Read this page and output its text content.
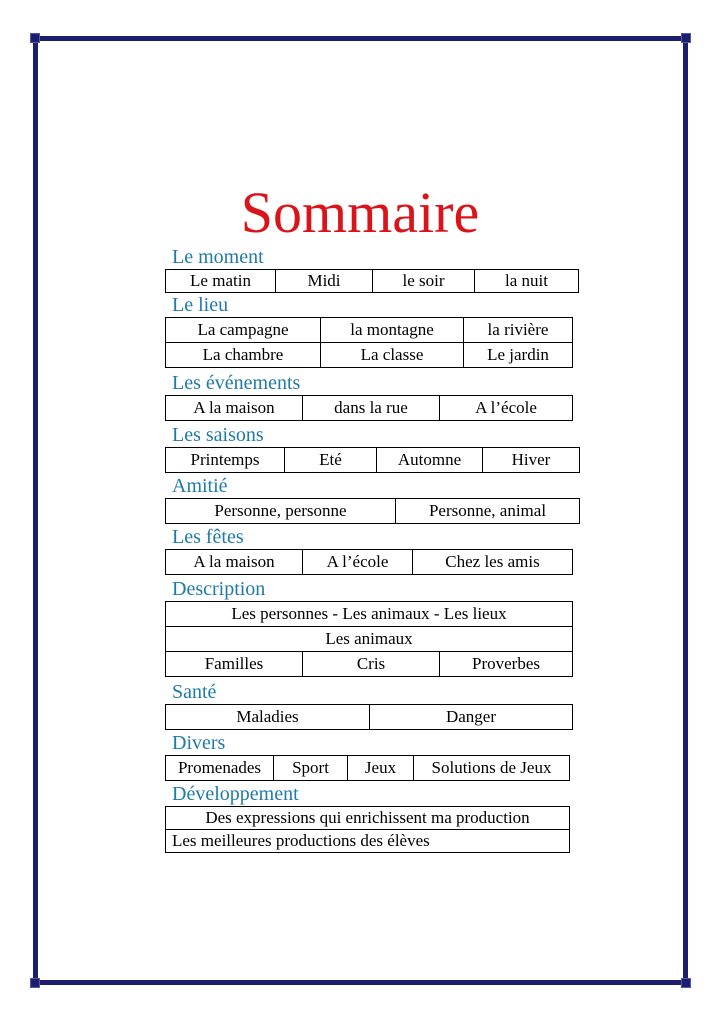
Sommaire
Le moment
Le matin	Midi	le soir	la nuit
Le lieu
La campagne	la montagne	la rivière
La chambre	La classe	Le jardin
Les événements
A la maison	dans la rue	A l’école
Les saisons
Printemps	Eté	Automne	Hiver
Amitié
Personne, personne	Personne, animal
Les fêtes
A la maison	A l’école	Chez les amis
Description
Les personnes - Les animaux - Les lieux
Les animaux
Familles	Cris	Proverbes
Santé
Maladies	Danger
Divers
Promenades	Sport	Jeux	Solutions de Jeux
Développement
Des expressions qui enrichissent ma production
Les meilleures productions des élèves
